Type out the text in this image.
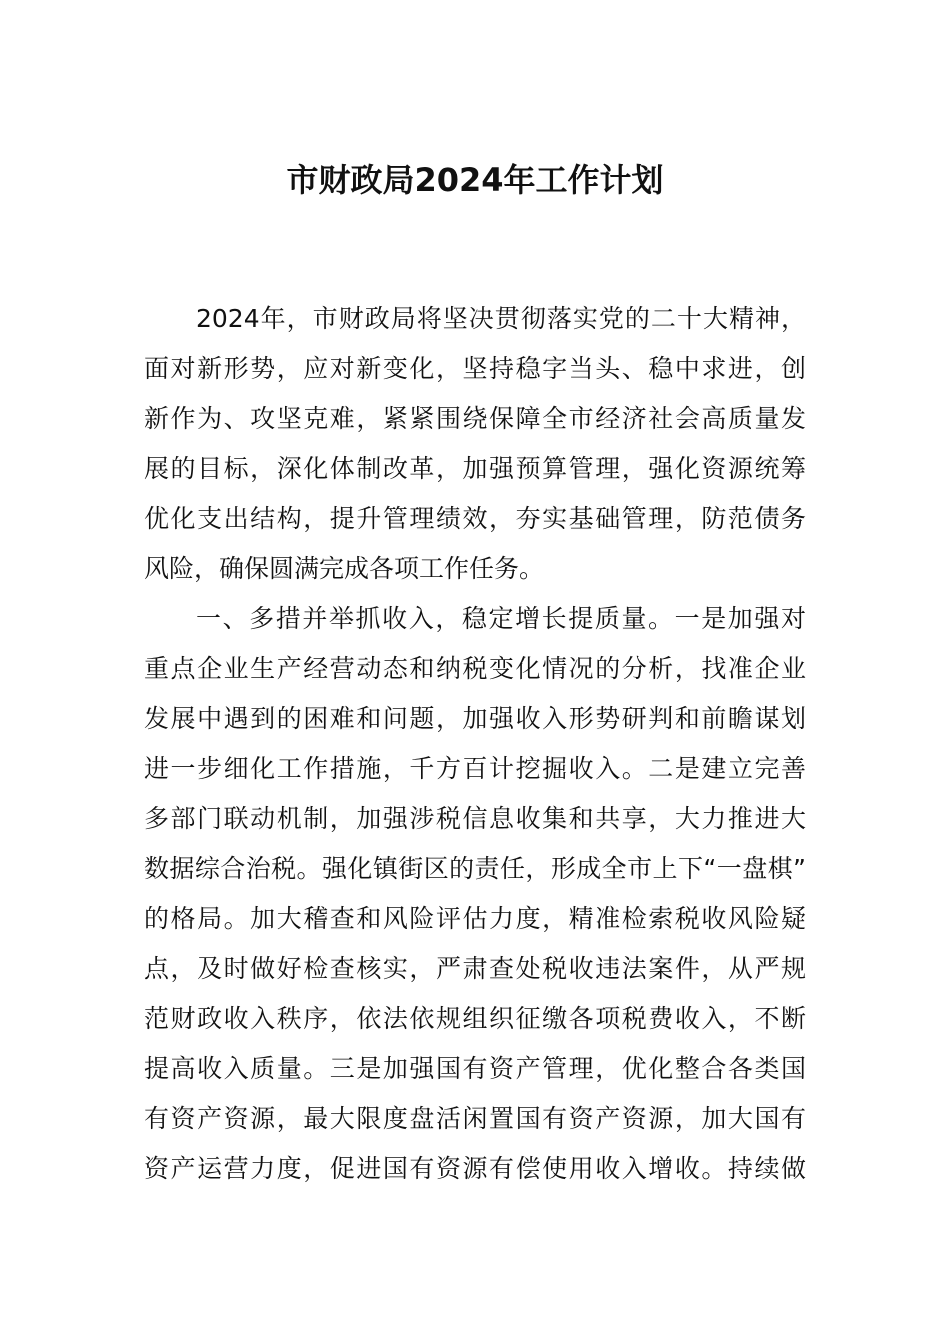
市财政局2024年工作计划
2024年，市财政局将坚决贯彻落实党的二十大精神，
面对新形势，应对新变化，坚持稳字当头、稳中求进，创
新作为、攻坚克难，紧紧围绕保障全市经济社会高质量发
展的目标，深化体制改革，加强预算管理，强化资源统筹
优化支出结构，提升管理绩效，夯实基础管理，防范债务
风险，确保圆满完成各项工作任务。
一、多措并举抓收入，稳定增长提质量。一是加强对
重点企业生产经营动态和纳税变化情况的分析，找准企业
发展中遇到的困难和问题，加强收入形势研判和前瞻谋划
进一步细化工作措施，千方百计挖掘收入。二是建立完善
多部门联动机制，加强涉税信息收集和共享，大力推进大
数据综合治税。强化镇街区的责任，形成全市上下“一盘棋”
的格局。加大稽查和风险评估力度，精准检索税收风险疑
点，及时做好检查核实，严肃查处税收违法案件，从严规
范财政收入秩序，依法依规组织征缴各项税费收入，不断
提高收入质量。三是加强国有资产管理，优化整合各类国
有资产资源，最大限度盘活闲置国有资产资源，加大国有
资产运营力度，促进国有资源有偿使用收入增收。持续做
